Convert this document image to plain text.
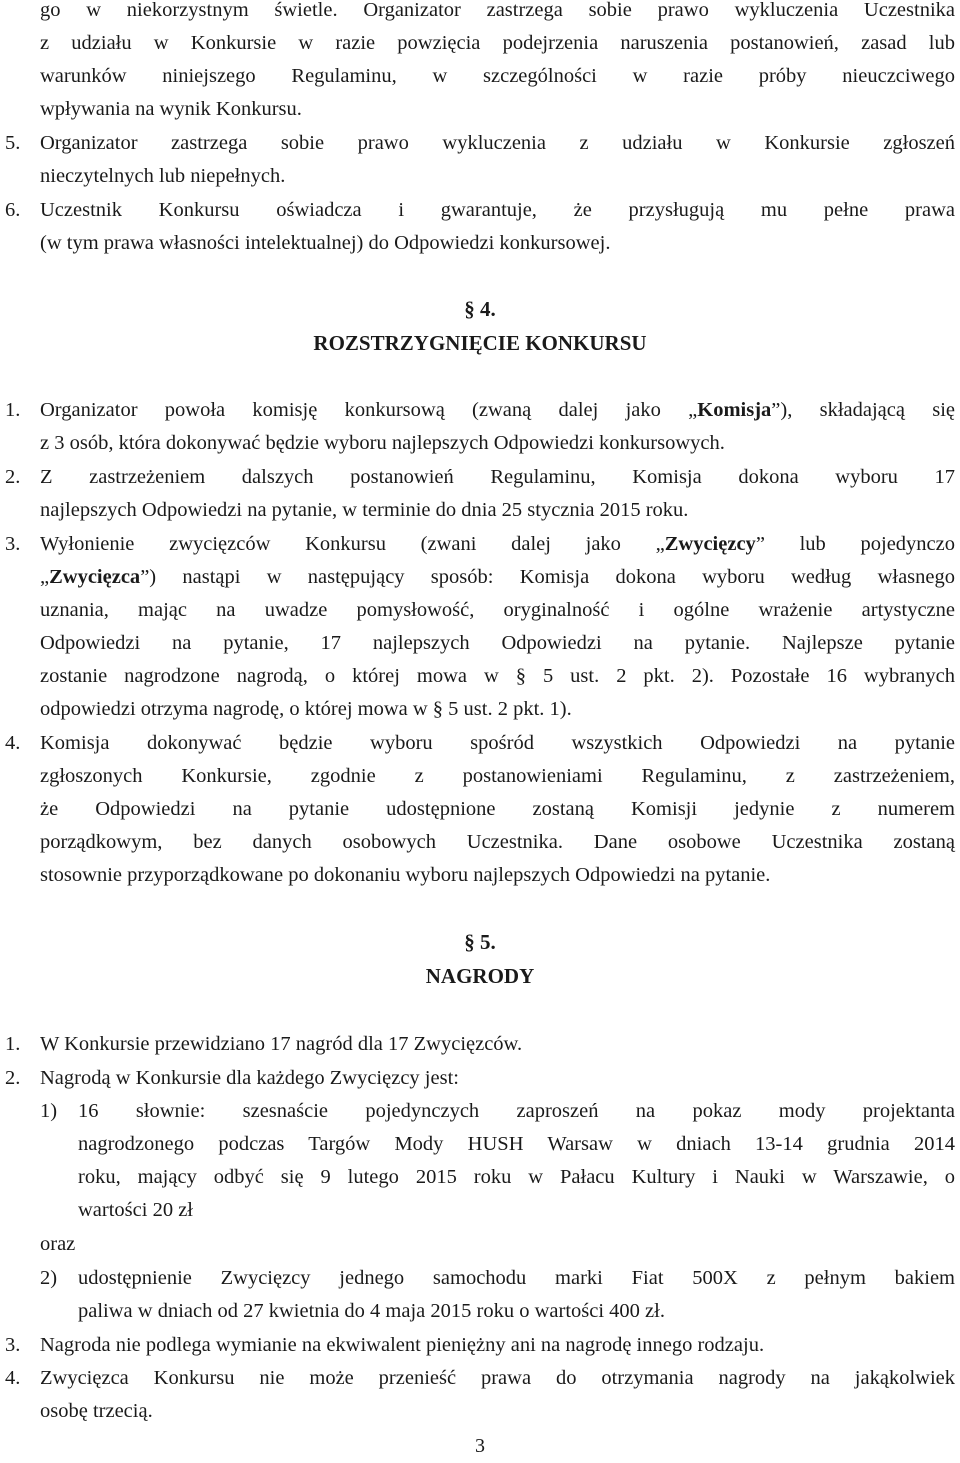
go w niekorzystnym świetle. Organizator zastrzega sobie prawo wykluczenia Uczestnika
z udziału w Konkursie w razie powzięcia podejrzenia naruszenia postanowień, zasad lub
warunków niniejszego Regulaminu, w szczególności w razie próby nieuczciwego
wpływania na wynik Konkursu.
5. Organizator zastrzega sobie prawo wykluczenia z udziału w Konkursie zgłoszeń
nieczytelnych lub niepełnych.
6. Uczestnik Konkursu oświadcza i gwarantuje, że przysługują mu pełne prawa
(w tym prawa własności intelektualnej) do Odpowiedzi konkursowej.
§ 4.
ROZSTRZYGNIĘCIE KONKURSU
1. Organizator powoła komisję konkursową (zwaną dalej jako „Komisja”), składającą się
z 3 osób, która dokonywać będzie wyboru najlepszych Odpowiedzi konkursowych.
2. Z zastrzeżeniem dalszych postanowień Regulaminu, Komisja dokona wyboru 17
najlepszych Odpowiedzi na pytanie, w terminie do dnia 25 stycznia 2015 roku.
3. Wyłonienie zwycięzców Konkursu (zwani dalej jako „Zwycięzcy” lub pojedynczo
„Zwycięzca”) nastąpi w następujący sposób: Komisja dokona wyboru według własnego
uznania, mając na uwadze pomysłowość, oryginalność i ogólne wrażenie artystyczne
Odpowiedzi na pytanie, 17 najlepszych Odpowiedzi na pytanie. Najlepsze pytanie
zostanie nagrodzone nagrodą, o której mowa w § 5 ust. 2 pkt. 2). Pozostałe 16 wybranych
odpowiedzi otrzyma nagrodę, o której mowa w § 5 ust. 2 pkt. 1).
4. Komisja dokonywać będzie wyboru spośród wszystkich Odpowiedzi na pytanie
zgłoszonych Konkursie, zgodnie z postanowieniami Regulaminu, z zastrzeżeniem,
że Odpowiedzi na pytanie udostępnione zostaną Komisji jedynie z numerem
porządkowym, bez danych osobowych Uczestnika. Dane osobowe Uczestnika zostaną
stosownie przyporządkowane po dokonaniu wyboru najlepszych Odpowiedzi na pytanie.
§ 5.
NAGRODY
1. W Konkursie przewidziano 17 nagród dla 17 Zwycięzców.
2. Nagrodą w Konkursie dla każdego Zwycięzcy jest:
1) 16 słownie: szesnaście pojedynczych zaproszeń na pokaz mody projektanta
nagrodzonego podczas Targów Mody HUSH Warsaw w dniach 13-14 grudnia 2014
roku, mający odbyć się 9 lutego 2015 roku w Pałacu Kultury i Nauki w Warszawie, o
wartości 20 zł
oraz
2) udostępnienie Zwycięzcy jednego samochodu marki Fiat 500X z pełnym bakiem
paliwa w dniach od 27 kwietnia do 4 maja 2015 roku o wartości 400 zł.
3. Nagroda nie podlega wymianie na ekwiwalent pieniężny ani na nagrodę innego rodzaju.
4. Zwycięzca Konkursu nie może przenieść prawa do otrzymania nagrody na jakąkolwiek
osobę trzecią.
3
